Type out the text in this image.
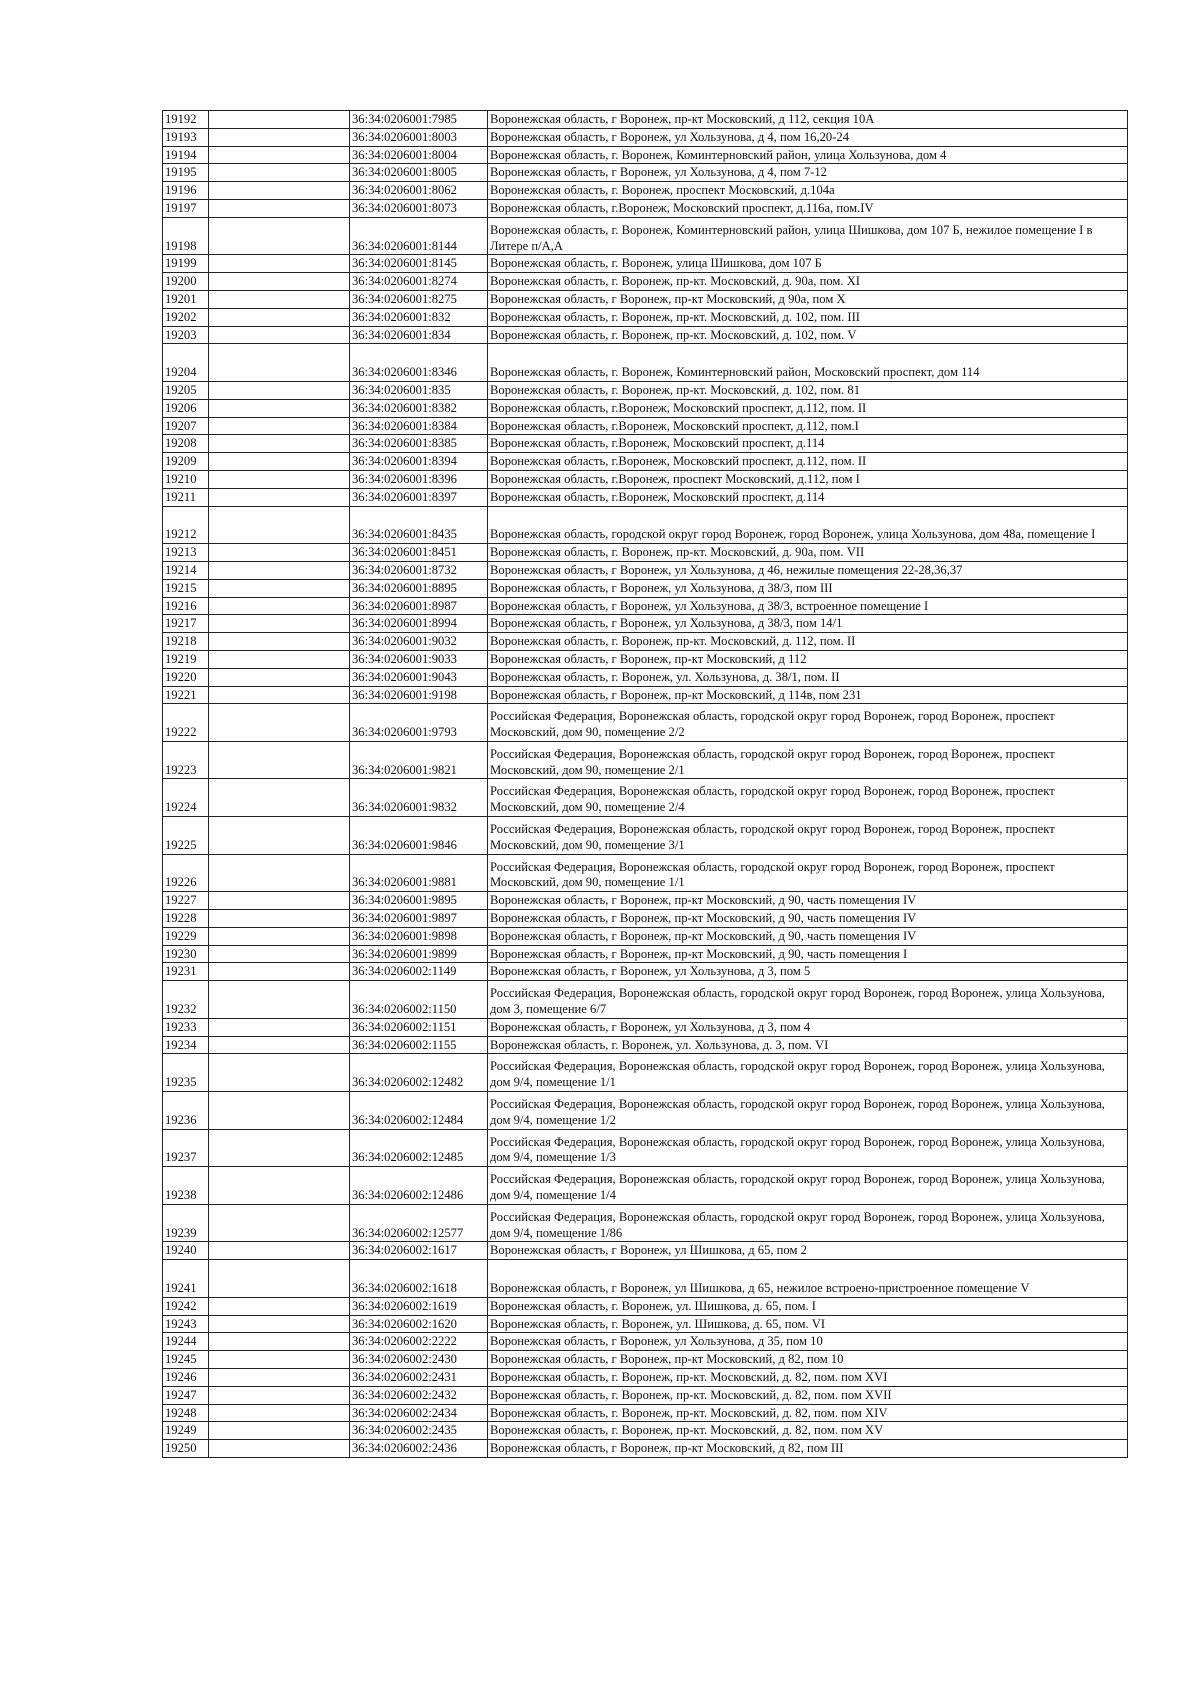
19192		36:34:0206001:7985	Воронежская область, г Воронеж, пр-кт Московский, д 112, секция 10А
19193		36:34:0206001:8003	Воронежская область, г Воронеж, ул Хользунова, д 4, пом 16,20-24
19194		36:34:0206001:8004	Воронежская область, г. Воронеж, Коминтерновский район, улица Хользунова, дом 4
19195		36:34:0206001:8005	Воронежская область, г Воронеж, ул Хользунова, д 4, пом 7-12
19196		36:34:0206001:8062	Воронежская область, г. Воронеж, проспект Московский, д.104а
19197		36:34:0206001:8073	Воронежская область, г.Воронеж, Московский проспект, д.116а, пом.IV
19198		36:34:0206001:8144	Воронежская область, г. Воронеж, Коминтерновский район, улица Шишкова, дом 107 Б, нежилое помещение I в Литере п/А,А
19199		36:34:0206001:8145	Воронежская область, г. Воронеж, улица Шишкова, дом 107 Б
19200		36:34:0206001:8274	Воронежская область, г. Воронеж, пр-кт. Московский, д. 90а, пом. XI
19201		36:34:0206001:8275	Воронежская область, г Воронеж, пр-кт Московский, д 90а, пом X
19202		36:34:0206001:832	Воронежская область, г. Воронеж, пр-кт. Московский, д. 102, пом. III
19203		36:34:0206001:834	Воронежская область, г. Воронеж, пр-кт. Московский, д. 102, пом. V
19204		36:34:0206001:8346	Воронежская область, г. Воронеж, Коминтерновский район, Московский проспект, дом 114
19205		36:34:0206001:835	Воронежская область, г. Воронеж, пр-кт. Московский, д. 102, пом. 81
19206		36:34:0206001:8382	Воронежская область, г.Воронеж, Московский проспект, д.112, пом. II
19207		36:34:0206001:8384	Воронежская область, г.Воронеж, Московский проспект, д.112, пом.I
19208		36:34:0206001:8385	Воронежская область, г.Воронеж, Московский проспект, д.114
19209		36:34:0206001:8394	Воронежская область, г.Воронеж, Московский проспект, д.112, пом. II
19210		36:34:0206001:8396	Воронежская область, г.Воронеж, проспект Московский, д.112, пом I
19211		36:34:0206001:8397	Воронежская область, г.Воронеж, Московский проспект, д.114
19212		36:34:0206001:8435	Воронежская область, городской округ город Воронеж, город Воронеж, улица Хользунова, дом 48а, помещение I
19213		36:34:0206001:8451	Воронежская область, г. Воронеж, пр-кт. Московский, д. 90а, пом. VII
19214		36:34:0206001:8732	Воронежская область, г Воронеж, ул Хользунова, д 46, нежилые помещения 22-28,36,37
19215		36:34:0206001:8895	Воронежская область, г Воронеж, ул Хользунова, д 38/3, пом III
19216		36:34:0206001:8987	Воронежская область, г Воронеж, ул Хользунова, д 38/3, встроенное помещение I
19217		36:34:0206001:8994	Воронежская область, г Воронеж, ул Хользунова, д 38/3, пом 14/1
19218		36:34:0206001:9032	Воронежская область, г. Воронеж, пр-кт. Московский, д. 112, пом. II
19219		36:34:0206001:9033	Воронежская область, г Воронеж, пр-кт Московский, д 112
19220		36:34:0206001:9043	Воронежская область, г. Воронеж, ул. Хользунова, д. 38/1, пом. II
19221		36:34:0206001:9198	Воронежская область, г Воронеж, пр-кт Московский, д 114в, пом 231
19222		36:34:0206001:9793	Российская Федерация, Воронежская область, городской округ город Воронеж, город Воронеж, проспект Московский, дом 90, помещение 2/2
19223		36:34:0206001:9821	Российская Федерация, Воронежская область, городской округ город Воронеж, город Воронеж, проспект Московский, дом 90, помещение 2/1
19224		36:34:0206001:9832	Российская Федерация, Воронежская область, городской округ город Воронеж, город Воронеж, проспект Московский, дом 90, помещение 2/4
19225		36:34:0206001:9846	Российская Федерация, Воронежская область, городской округ город Воронеж, город Воронеж, проспект Московский, дом 90, помещение 3/1
19226		36:34:0206001:9881	Российская Федерация, Воронежская область, городской округ город Воронеж, город Воронеж, проспект Московский, дом 90, помещение 1/1
19227		36:34:0206001:9895	Воронежская область, г Воронеж, пр-кт Московский, д 90, часть помещения IV
19228		36:34:0206001:9897	Воронежская область, г Воронеж, пр-кт Московский, д 90, часть помещения IV
19229		36:34:0206001:9898	Воронежская область, г Воронеж, пр-кт Московский, д 90, часть помещения IV
19230		36:34:0206001:9899	Воронежская область, г Воронеж, пр-кт Московский, д 90, часть помещения I
19231		36:34:0206002:1149	Воронежская область, г Воронеж, ул Хользунова, д 3, пом 5
19232		36:34:0206002:1150	Российская Федерация, Воронежская область, городской округ город Воронеж, город Воронеж, улица Хользунова, дом 3, помещение 6/7
19233		36:34:0206002:1151	Воронежская область, г Воронеж, ул Хользунова, д 3, пом 4
19234		36:34:0206002:1155	Воронежская область, г. Воронеж, ул. Хользунова, д. 3, пом. VI
19235		36:34:0206002:12482	Российская Федерация, Воронежская область, городской округ город Воронеж, город Воронеж, улица Хользунова, дом 9/4, помещение 1/1
19236		36:34:0206002:12484	Российская Федерация, Воронежская область, городской округ город Воронеж, город Воронеж, улица Хользунова, дом 9/4, помещение 1/2
19237		36:34:0206002:12485	Российская Федерация, Воронежская область, городской округ город Воронеж, город Воронеж, улица Хользунова, дом 9/4, помещение 1/3
19238		36:34:0206002:12486	Российская Федерация, Воронежская область, городской округ город Воронеж, город Воронеж, улица Хользунова, дом 9/4, помещение 1/4
19239		36:34:0206002:12577	Российская Федерация, Воронежская область, городской округ город Воронеж, город Воронеж, улица Хользунова, дом 9/4, помещение 1/86
19240		36:34:0206002:1617	Воронежская область, г Воронеж, ул Шишкова, д 65, пом 2
19241		36:34:0206002:1618	Воронежская область, г Воронеж, ул Шишкова, д 65, нежилое встроено-пристроенное помещение V
19242		36:34:0206002:1619	Воронежская область, г. Воронеж, ул. Шишкова, д. 65, пом. I
19243		36:34:0206002:1620	Воронежская область, г. Воронеж, ул. Шишкова, д. 65, пом. VI
19244		36:34:0206002:2222	Воронежская область, г Воронеж, ул Хользунова, д 35, пом 10
19245		36:34:0206002:2430	Воронежская область, г Воронеж, пр-кт Московский, д 82, пом 10
19246		36:34:0206002:2431	Воронежская область, г. Воронеж, пр-кт. Московский, д. 82, пом. пом XVI
19247		36:34:0206002:2432	Воронежская область, г. Воронеж, пр-кт. Московский, д. 82, пом. пом XVII
19248		36:34:0206002:2434	Воронежская область, г. Воронеж, пр-кт. Московский, д. 82, пом. пом XIV
19249		36:34:0206002:2435	Воронежская область, г. Воронеж, пр-кт. Московский, д. 82, пом. пом XV
19250		36:34:0206002:2436	Воронежская область, г Воронеж, пр-кт Московский, д 82, пом III
